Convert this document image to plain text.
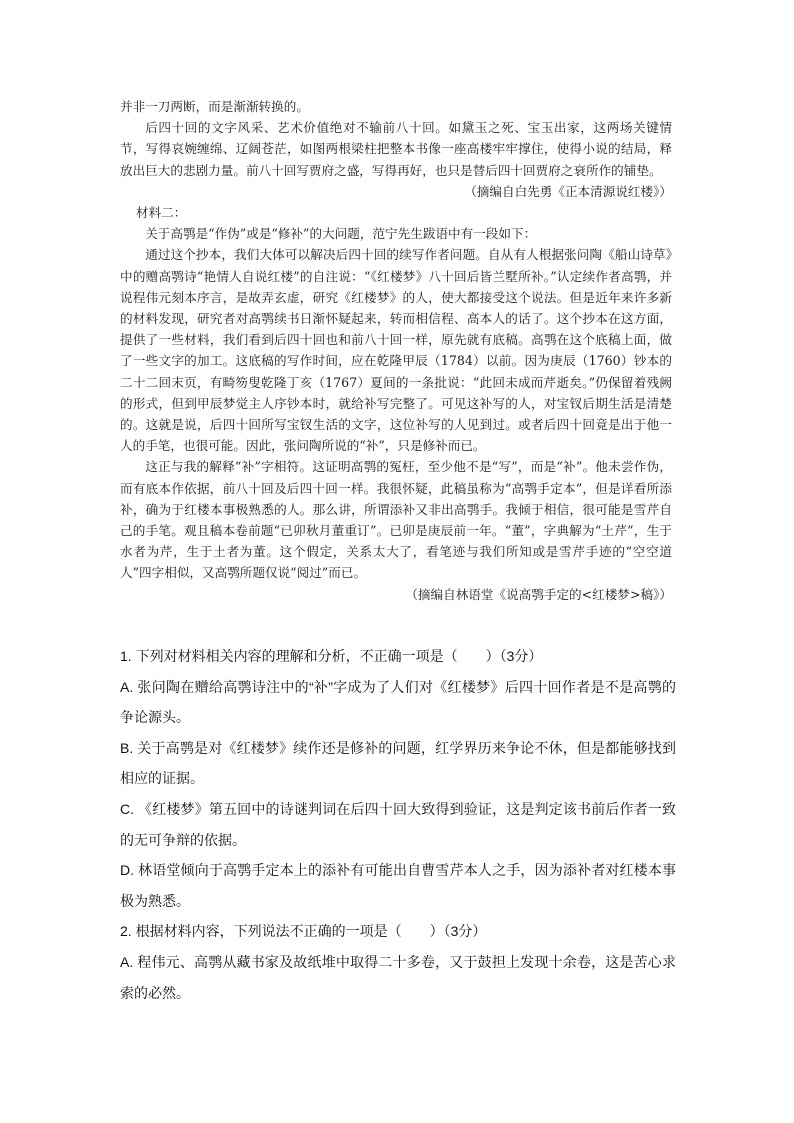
并非一刀两断，而是渐渐转换的。

后四十回的文字风采、艺术价值绝对不输前八十回。如黛玉之死、宝玉出家，这两场关键情节，写得哀婉缠绵、辽阔苍茫，如图两根梁柱把整本书像一座高楼牢牢撑住，使得小说的结局，释放出巨大的悲剧力量。前八十回写贾府之盛，写得再好，也只是替后四十回贾府之衰所作的铺垫。

（摘编自白先勇《正本清源说红楼》）

材料二：

关于高鹗是“作伪”或是“修补”的大问题，范宁先生跋语中有一段如下：

通过这个抄本，我们大体可以解决后四十回的续写作者问题。自从有人根据张问陶《船山诗草》中的赠高鹗诗“艳情人自说红楼”的自注说：“《红楼梦》八十回后皆兰墅所补。”认定续作者高鹗，并说程伟元刻本序言，是故弄玄虚，研究《红楼梦》的人，使大都接受这个说法。但是近年来许多新的材料发现，研究者对高鹗续书日渐怀疑起来，转而相信程、高本人的话了。这个抄本在这方面，提供了一些材料，我们看到后四十回也和前八十回一样，原先就有底稿。高鹗在这个底稿上面，做了一些文字的加工。这底稿的写作时间，应在乾隆甲辰（1784）以前。因为庚辰（1760）钞本的二十二回末页，有畸笏叟乾隆丁亥（1767）夏间的一条批说：“此回未成而芹逝矣。”仍保留着残阙的形式，但到甲辰梦觉主人序钞本时，就给补写完整了。可见这补写的人，对宝钗后期生活是清楚的。这就是说，后四十回所写宝钗生活的文字，这位补写的人见到过。或者后四十回竟是出于他一人的手笔，也很可能。因此，张问陶所说的“补”，只是修补而已。

这正与我的解释“补”字相符。这证明高鹗的冤枉，至少他不是“写”，而是“补”。他未尝作伪，而有底本作依据，前八十回及后四十回一样。我很怀疑，此稿虽称为“高鹗手定本”，但是详看所添补，确为于红楼本事极熟悉的人。那么讲，所谓添补又非出高鹗手。我倾于相信，很可能是雪芹自己的手笔。观且稿本卷前题“已卯秋月董重订”。已卯是庚辰前一年。“董”，字典解为“土芹”，生于水者为芹，生于土者为董。这个假定，关系太大了，看笔迹与我们所知或是雪芹手迹的“空空道人”四字相似，又高鹗所题仅说“阅过”而已。

（摘编自林语堂《说高鹗手定的<红楼梦>稿》）

1. 下列对材料相关内容的理解和分析，不正确一项是（　　）（3分）

A. 张问陶在赠给高鹗诗注中的“补”字成为了人们对《红楼梦》后四十回作者是不是高鹗的争论源头。

B. 关于高鹗是对《红楼梦》续作还是修补的问题，红学界历来争论不休，但是都能够找到相应的证据。

C. 《红楼梦》第五回中的诗谜判词在后四十回大致得到验证，这是判定该书前后作者一致的无可争辩的依据。

D. 林语堂倾向于高鹗手定本上的添补有可能出自曹雪芹本人之手，因为添补者对红楼本事极为熟悉。

2. 根据材料内容，下列说法不正确的一项是（　　）（3分）

A. 程伟元、高鹗从藏书家及故纸堆中取得二十多卷，又于鼓担上发现十余卷，这是苦心求索的必然。
